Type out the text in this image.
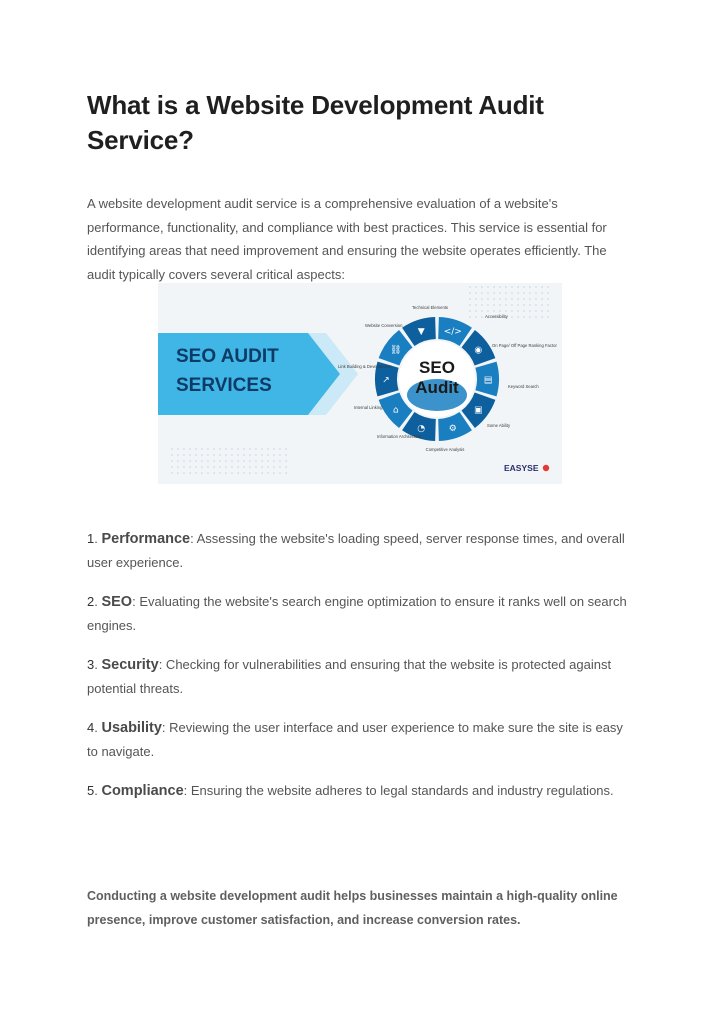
What is a Website Development Audit Service?

A website development audit service is a comprehensive evaluation of a website's performance, functionality, and compliance with best practices. This service is essential for identifying areas that need improvement and ensuring the website operates efficiently. The audit typically covers several critical aspects:

SEO AUDIT
SERVICES
</>
◉
▤
▣
⚙
◔
⌂
↗
⛓
▼
SEO
Audit
Technical Elements
Accessibility
On Page/ Off Page Ranking Factor
Keyword Search
Some Ability
Competitive Analysis
Information Architecture
Internal Linking
Link Building & Development
Website Conversion
EASYSE

1. Performance: Assessing the website's loading speed, server response times, and overall user experience.

2. SEO: Evaluating the website's search engine optimization to ensure it ranks well on search engines.

3. Security: Checking for vulnerabilities and ensuring that the website is protected against potential threats.

4. Usability: Reviewing the user interface and user experience to make sure the site is easy to navigate.

5. Compliance: Ensuring the website adheres to legal standards and industry regulations.

Conducting a website development audit helps businesses maintain a high-quality online presence, improve customer satisfaction, and increase conversion rates.
